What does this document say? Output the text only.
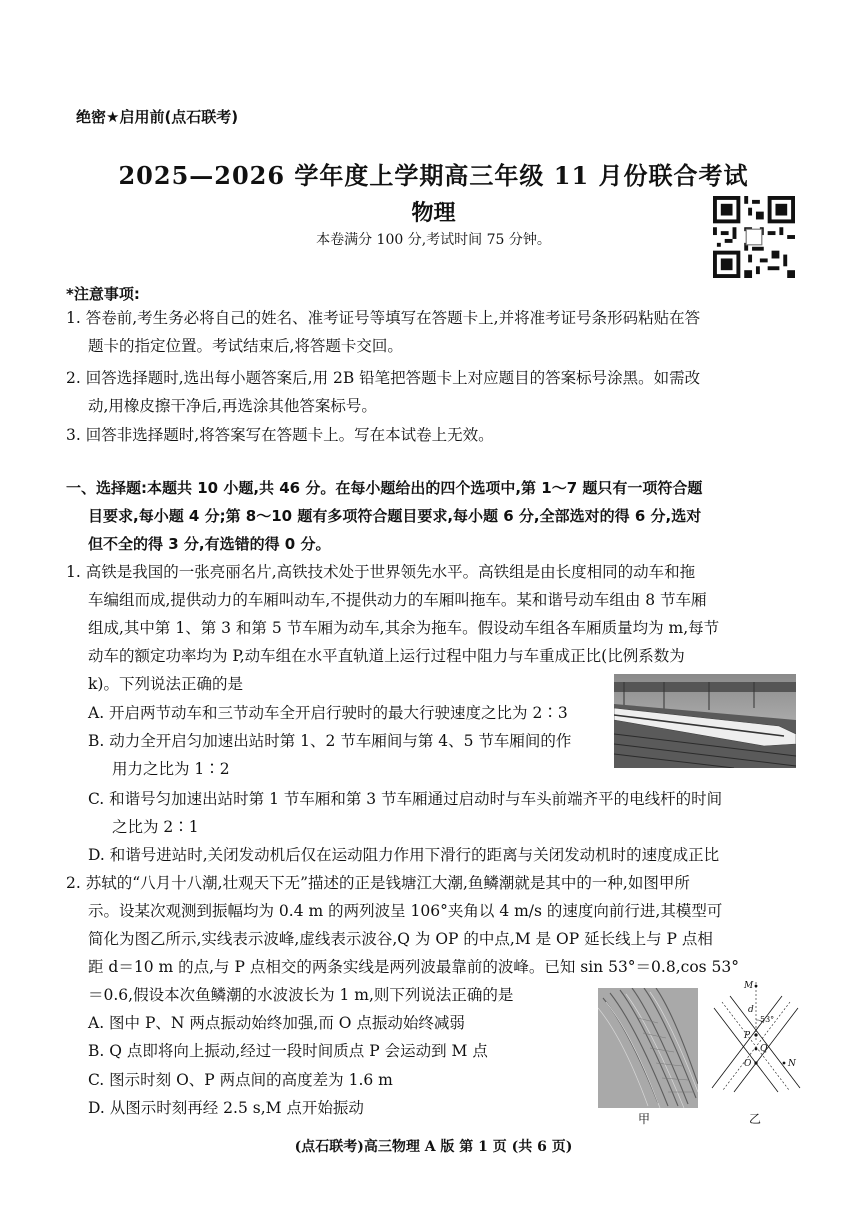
绝密★启用前(点石联考)
2025—2026 学年度上学期高三年级 11 月份联合考试
物理
本卷满分 100 分,考试时间 75 分钟。
*注意事项:
1. 答卷前,考生务必将自己的姓名、准考证号等填写在答题卡上,并将准考证号条形码粘贴在答
题卡的指定位置。考试结束后,将答题卡交回。
2. 回答选择题时,选出每小题答案后,用 2B 铅笔把答题卡上对应题目的答案标号涂黑。如需改
动,用橡皮擦干净后,再选涂其他答案标号。
3. 回答非选择题时,将答案写在答题卡上。写在本试卷上无效。
一、选择题:本题共 10 小题,共 46 分。在每小题给出的四个选项中,第 1～7 题只有一项符合题
目要求,每小题 4 分;第 8～10 题有多项符合题目要求,每小题 6 分,全部选对的得 6 分,选对
但不全的得 3 分,有选错的得 0 分。
1. 高铁是我国的一张亮丽名片,高铁技术处于世界领先水平。高铁组是由长度相同的动车和拖
车编组而成,提供动力的车厢叫动车,不提供动力的车厢叫拖车。某和谐号动车组由 8 节车厢
组成,其中第 1、第 3 和第 5 节车厢为动车,其余为拖车。假设动车组各车厢质量均为 m,每节
动车的额定功率均为 P,动车组在水平直轨道上运行过程中阻力与车重成正比(比例系数为
k)。下列说法正确的是
A. 开启两节动车和三节动车全开启行驶时的最大行驶速度之比为 2∶3
B. 动力全开启匀加速出站时第 1、2 节车厢间与第 4、5 节车厢间的作
用力之比为 1∶2
C. 和谐号匀加速出站时第 1 节车厢和第 3 节车厢通过启动时与车头前端齐平的电线杆的时间
之比为 2∶1
D. 和谐号进站时,关闭发动机后仅在运动阻力作用下滑行的距离与关闭发动机时的速度成正比
2. 苏轼的“八月十八潮,壮观天下无”描述的正是钱塘江大潮,鱼鳞潮就是其中的一种,如图甲所
示。设某次观测到振幅均为 0.4 m 的两列波呈 106°夹角以 4 m/s 的速度向前行进,其模型可
简化为图乙所示,实线表示波峰,虚线表示波谷,Q 为 OP 的中点,M 是 OP 延长线上与 P 点相
距 d＝10 m 的点,与 P 点相交的两条实线是两列波最靠前的波峰。已知 sin 53°＝0.8,cos 53°
＝0.6,假设本次鱼鳞潮的水波波长为 1 m,则下列说法正确的是
A. 图中 P、N 两点振动始终加强,而 O 点振动始终减弱
B. Q 点即将向上振动,经过一段时间质点 P 会运动到 M 点
C. 图示时刻 O、P 两点间的高度差为 1.6 m
D. 从图示时刻再经 2.5 s,M 点开始振动
甲
M
d
53°
P
Q
O	N
乙
(点石联考)高三物理 A 版 第 1 页 (共 6 页)
